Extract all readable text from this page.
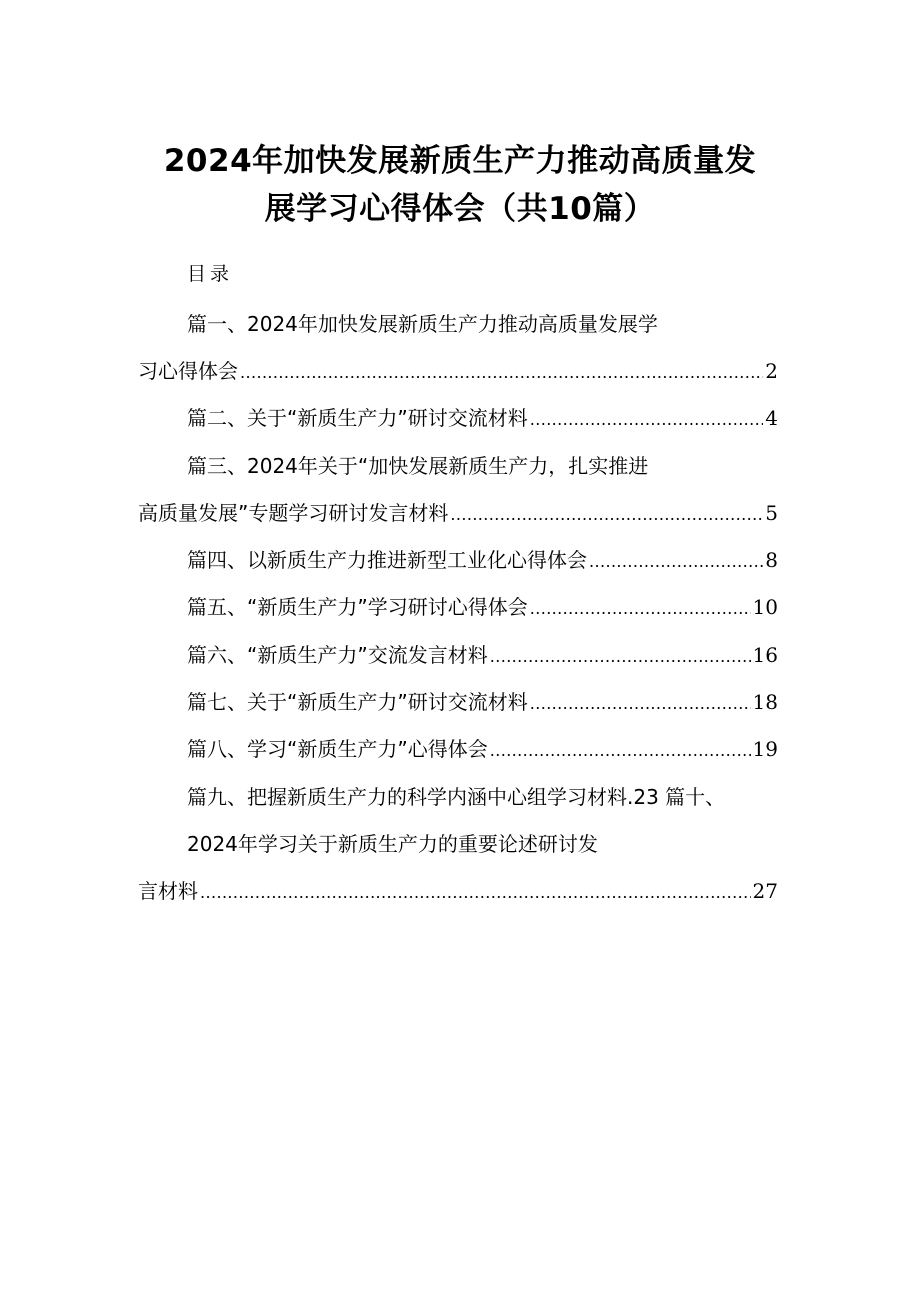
2024年加快发展新质生产力推动高质量发
展学习心得体会（共10篇）
目录
篇一、2024年加快发展新质生产力推动高质量发展学
习心得体会 .....	2
篇二、关于“新质生产力”研讨交流材料 .....	4
篇三、2024年关于“加快发展新质生产力，扎实推进
高质量发展”专题学习研讨发言材料 .....	5
篇四、以新质生产力推进新型工业化心得体会 .....	8
篇五、“新质生产力”学习研讨心得体会 .....	10
篇六、“新质生产力”交流发言材料 .....	16
篇七、关于“新质生产力”研讨交流材料 .....	18
篇八、学习“新质生产力”心得体会 .....	19
篇九、把握新质生产力的科学内涵中心组学习材料.23 篇十、
2024年学习关于新质生产力的重要论述研讨发
言材料 .....	27
